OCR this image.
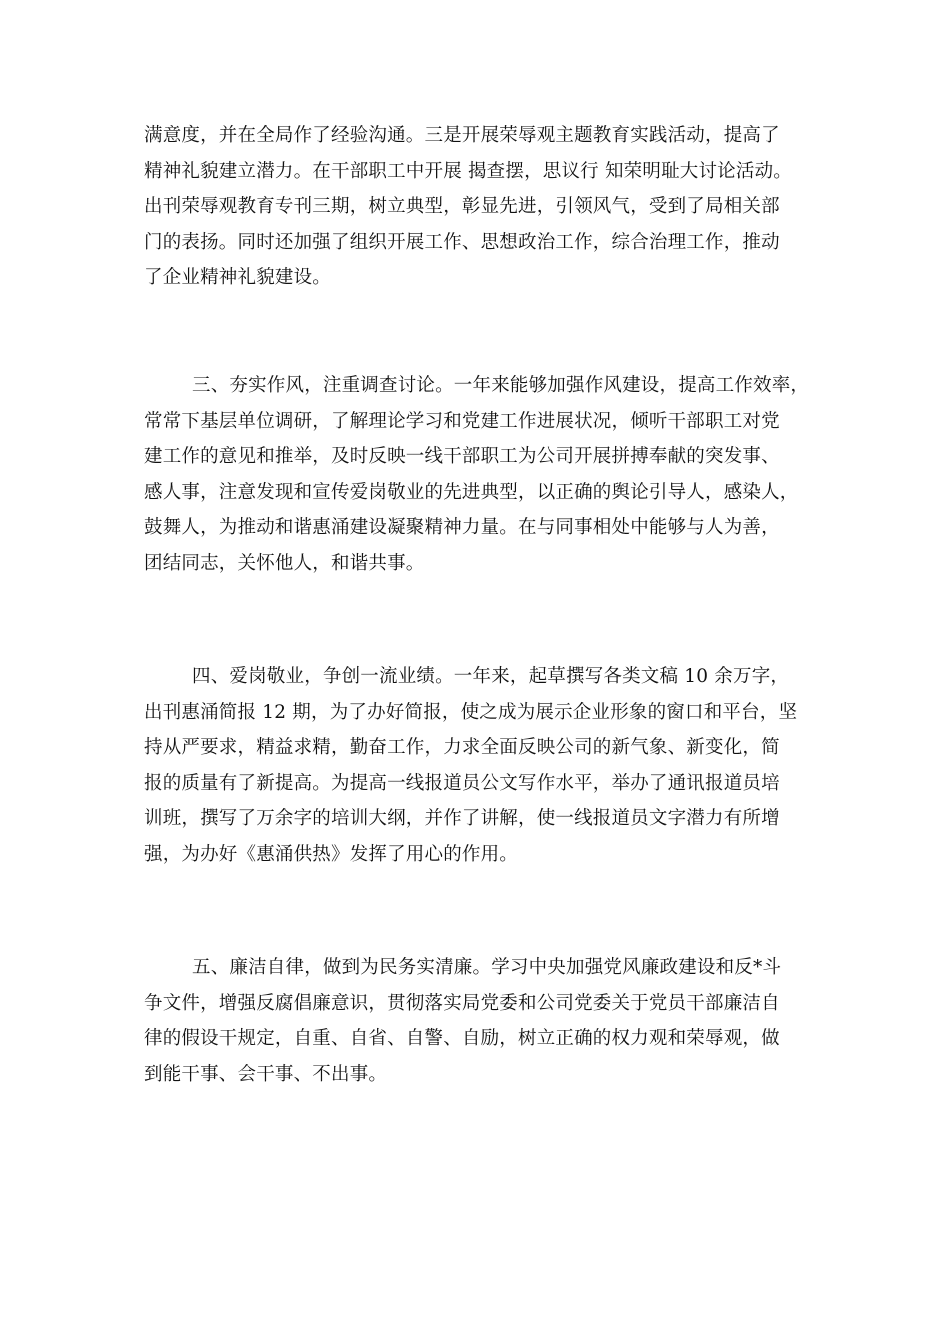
满意度，并在全局作了经验沟通。三是开展荣辱观主题教育实践活动，提高了
精神礼貌建立潜力。在干部职工中开展 揭查摆，思议行 知荣明耻大讨论活动。
出刊荣辱观教育专刊三期，树立典型，彰显先进，引领风气，受到了局相关部
门的表扬。同时还加强了组织开展工作、思想政治工作，综合治理工作，推动
了企业精神礼貌建设。
三、夯实作风，注重调查讨论。一年来能够加强作风建设，提高工作效率，
常常下基层单位调研，了解理论学习和党建工作进展状况，倾听干部职工对党
建工作的意见和推举，及时反映一线干部职工为公司开展拼搏奉献的突发事、
感人事，注意发现和宣传爱岗敬业的先进典型，以正确的舆论引导人，感染人，
鼓舞人，为推动和谐惠涌建设凝聚精神力量。在与同事相处中能够与人为善，
团结同志，关怀他人，和谐共事。
四、爱岗敬业，争创一流业绩。一年来，起草撰写各类文稿 10 余万字，
出刊惠涌简报 12 期，为了办好简报，使之成为展示企业形象的窗口和平台，坚
持从严要求，精益求精，勤奋工作，力求全面反映公司的新气象、新变化，简
报的质量有了新提高。为提高一线报道员公文写作水平，举办了通讯报道员培
训班，撰写了万余字的培训大纲，并作了讲解，使一线报道员文字潜力有所增
强，为办好《惠涌供热》发挥了用心的作用。
五、廉洁自律，做到为民务实清廉。学习中央加强党风廉政建设和反*斗
争文件，增强反腐倡廉意识，贯彻落实局党委和公司党委关于党员干部廉洁自
律的假设干规定，自重、自省、自警、自励，树立正确的权力观和荣辱观，做
到能干事、会干事、不出事。
